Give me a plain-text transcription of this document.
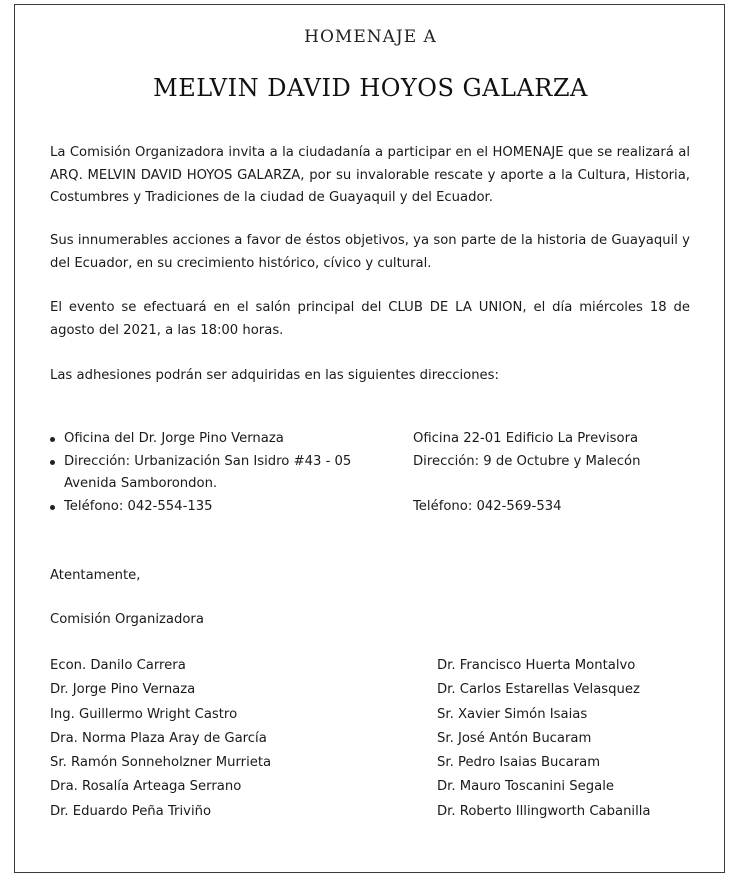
HOMENAJE A
MELVIN DAVID HOYOS GALARZA

La Comisión Organizadora invita a la ciudadanía a participar en el HOMENAJE que se realizará al ARQ. MELVIN DAVID HOYOS GALARZA, por su invalorable rescate y aporte a la Cultura, Historia, Costumbres y Tradiciones de la ciudad de Guayaquil y del Ecuador.

Sus innumerables acciones a favor de éstos objetivos, ya son parte de la historia de Guayaquil y del Ecuador, en su crecimiento histórico, cívico y cultural.

El evento se efectuará en el salón principal del CLUB DE LA UNION, el día miércoles 18 de agosto del 2021, a las 18:00 horas.

Las adhesiones podrán ser adquiridas en las siguientes direcciones:

Oficina del Dr. Jorge Pino Vernaza
Dirección: Urbanización San Isidro #43 - 05
Avenida Samborondon.
Teléfono: 042-554-135
Oficina 22-01 Edificio La Previsora
Dirección: 9 de Octubre y Malecón
Teléfono: 042-569-534
Atentamente,
Comisión Organizadora
Econ. Danilo Carrera
Dr. Jorge Pino Vernaza
Ing. Guillermo Wright Castro
Dra. Norma Plaza Aray de García
Sr. Ramón Sonneholzner Murrieta
Dra. Rosalía Arteaga Serrano
Dr. Eduardo Peña Triviño
Dr. Francisco Huerta Montalvo
Dr. Carlos Estarellas Velasquez
Sr. Xavier Simón Isaias
Sr. José Antón Bucaram
Sr. Pedro Isaias Bucaram
Dr. Mauro Toscanini Segale
Dr. Roberto Illingworth Cabanilla
